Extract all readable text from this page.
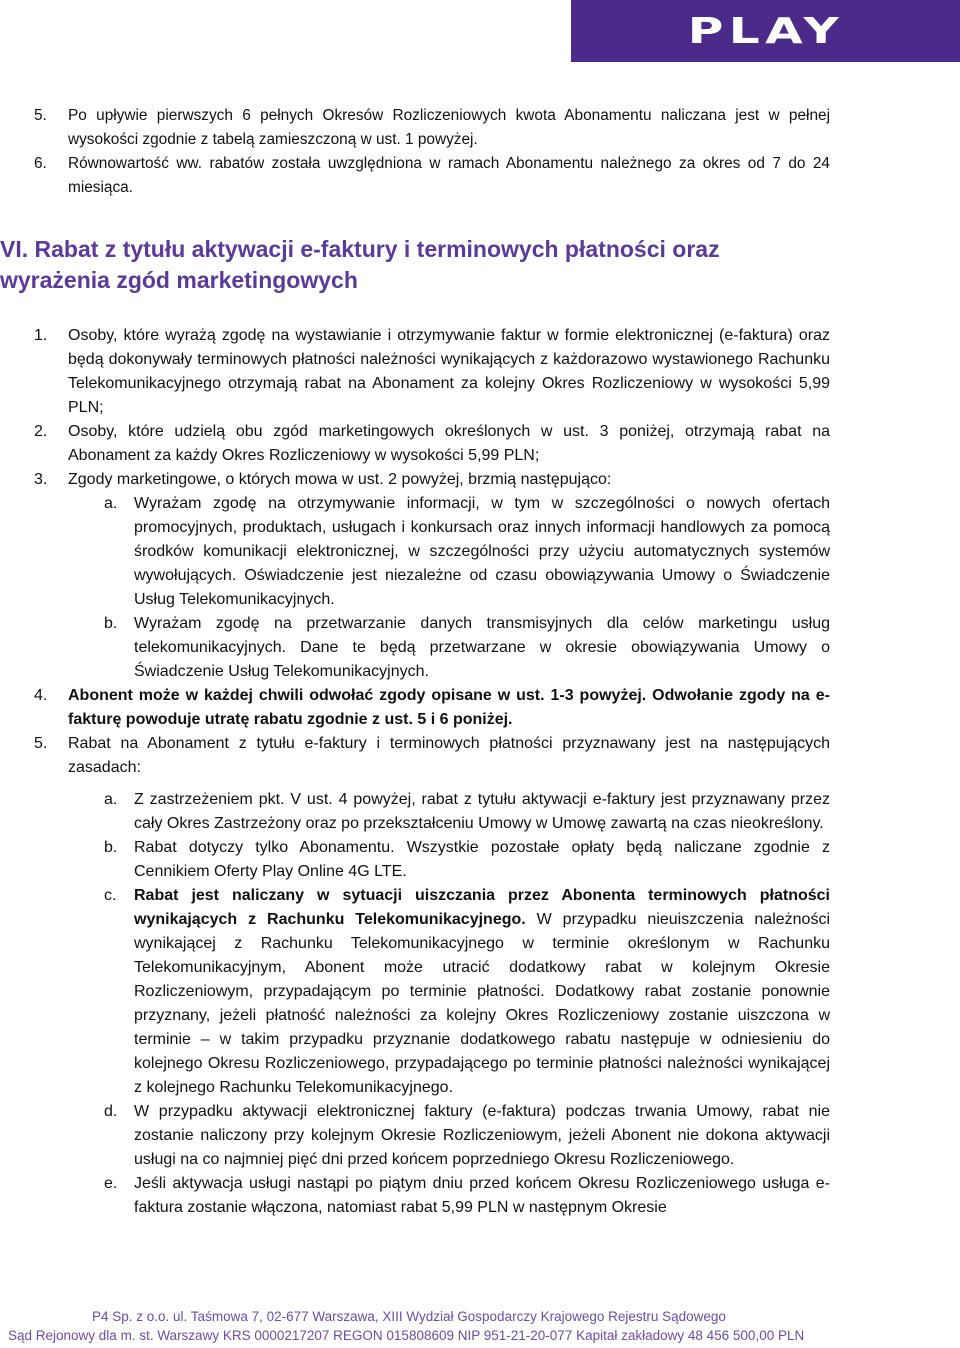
PLAY
5.	Po upływie pierwszych 6 pełnych Okresów Rozliczeniowych kwota Abonamentu naliczana jest w pełnej wysokości zgodnie z tabelą zamieszczoną w ust. 1 powyżej.
6.	Równowartość ww. rabatów została uwzględniona w ramach Abonamentu należnego za okres od 7 do 24 miesiąca.
VI. Rabat z tytułu aktywacji e-faktury i terminowych płatności oraz wyrażenia zgód marketingowych
1.	Osoby, które wyrażą zgodę na wystawianie i otrzymywanie faktur w formie elektronicznej (e-faktura) oraz będą dokonywały terminowych płatności należności wynikających z każdorazowo wystawionego Rachunku Telekomunikacyjnego otrzymają rabat na Abonament za kolejny Okres Rozliczeniowy w wysokości 5,99 PLN;
2.	Osoby, które udzielą obu zgód marketingowych określonych w ust. 3 poniżej, otrzymają rabat na Abonament za każdy Okres Rozliczeniowy w wysokości 5,99 PLN;
3.	Zgody marketingowe, o których mowa w ust. 2 powyżej, brzmią następująco:
a.	Wyrażam zgodę na otrzymywanie informacji, w tym w szczególności o nowych ofertach promocyjnych, produktach, usługach i konkursach oraz innych informacji handlowych za pomocą środków komunikacji elektronicznej, w szczególności przy użyciu automatycznych systemów wywołujących. Oświadczenie jest niezależne od czasu obowiązywania Umowy o Świadczenie Usług Telekomunikacyjnych.
b.	Wyrażam zgodę na przetwarzanie danych transmisyjnych dla celów marketingu usług telekomunikacyjnych. Dane te będą przetwarzane w okresie obowiązywania Umowy o Świadczenie Usług Telekomunikacyjnych.
4.	Abonent może w każdej chwili odwołać zgody opisane w ust. 1-3 powyżej. Odwołanie zgody na e-fakturę powoduje utratę rabatu zgodnie z ust. 5 i 6 poniżej.
5.	Rabat na Abonament z tytułu e-faktury i terminowych płatności przyznawany jest na następujących zasadach:
a.	Z zastrzeżeniem pkt. V ust. 4 powyżej, rabat z tytułu aktywacji e-faktury jest przyznawany przez cały Okres Zastrzeżony oraz po przekształceniu Umowy w Umowę zawartą na czas nieokreślony.
b.	Rabat dotyczy tylko Abonamentu. Wszystkie pozostałe opłaty będą naliczane zgodnie z Cennikiem Oferty Play Online 4G LTE.
c.	Rabat jest naliczany w sytuacji uiszczania przez Abonenta terminowych płatności wynikających z Rachunku Telekomunikacyjnego. W przypadku nieuiszczenia należności wynikającej z Rachunku Telekomunikacyjnego w terminie określonym w Rachunku Telekomunikacyjnym, Abonent może utracić dodatkowy rabat w kolejnym Okresie Rozliczeniowym, przypadającym po terminie płatności. Dodatkowy rabat zostanie ponownie przyznany, jeżeli płatność należności za kolejny Okres Rozliczeniowy zostanie uiszczona w terminie – w takim przypadku przyznanie dodatkowego rabatu następuje w odniesieniu do kolejnego Okresu Rozliczeniowego, przypadającego po terminie płatności należności wynikającej z kolejnego Rachunku Telekomunikacyjnego.
d.	W przypadku aktywacji elektronicznej faktury (e-faktura) podczas trwania Umowy, rabat nie zostanie naliczony przy kolejnym Okresie Rozliczeniowym, jeżeli Abonent nie dokona aktywacji usługi na co najmniej pięć dni przed końcem poprzedniego Okresu Rozliczeniowego.
e.	Jeśli aktywacja usługi nastąpi po piątym dniu przed końcem Okresu Rozliczeniowego usługa e-faktura zostanie włączona, natomiast rabat 5,99 PLN w następnym Okresie
P4 Sp. z o.o. ul. Taśmowa 7, 02-677 Warszawa, XIII Wydział Gospodarczy Krajowego Rejestru Sądowego
Sąd Rejonowy dla m. st. Warszawy KRS 0000217207 REGON 015808609 NIP 951-21-20-077 Kapitał zakładowy 48 456 500,00 PLN
